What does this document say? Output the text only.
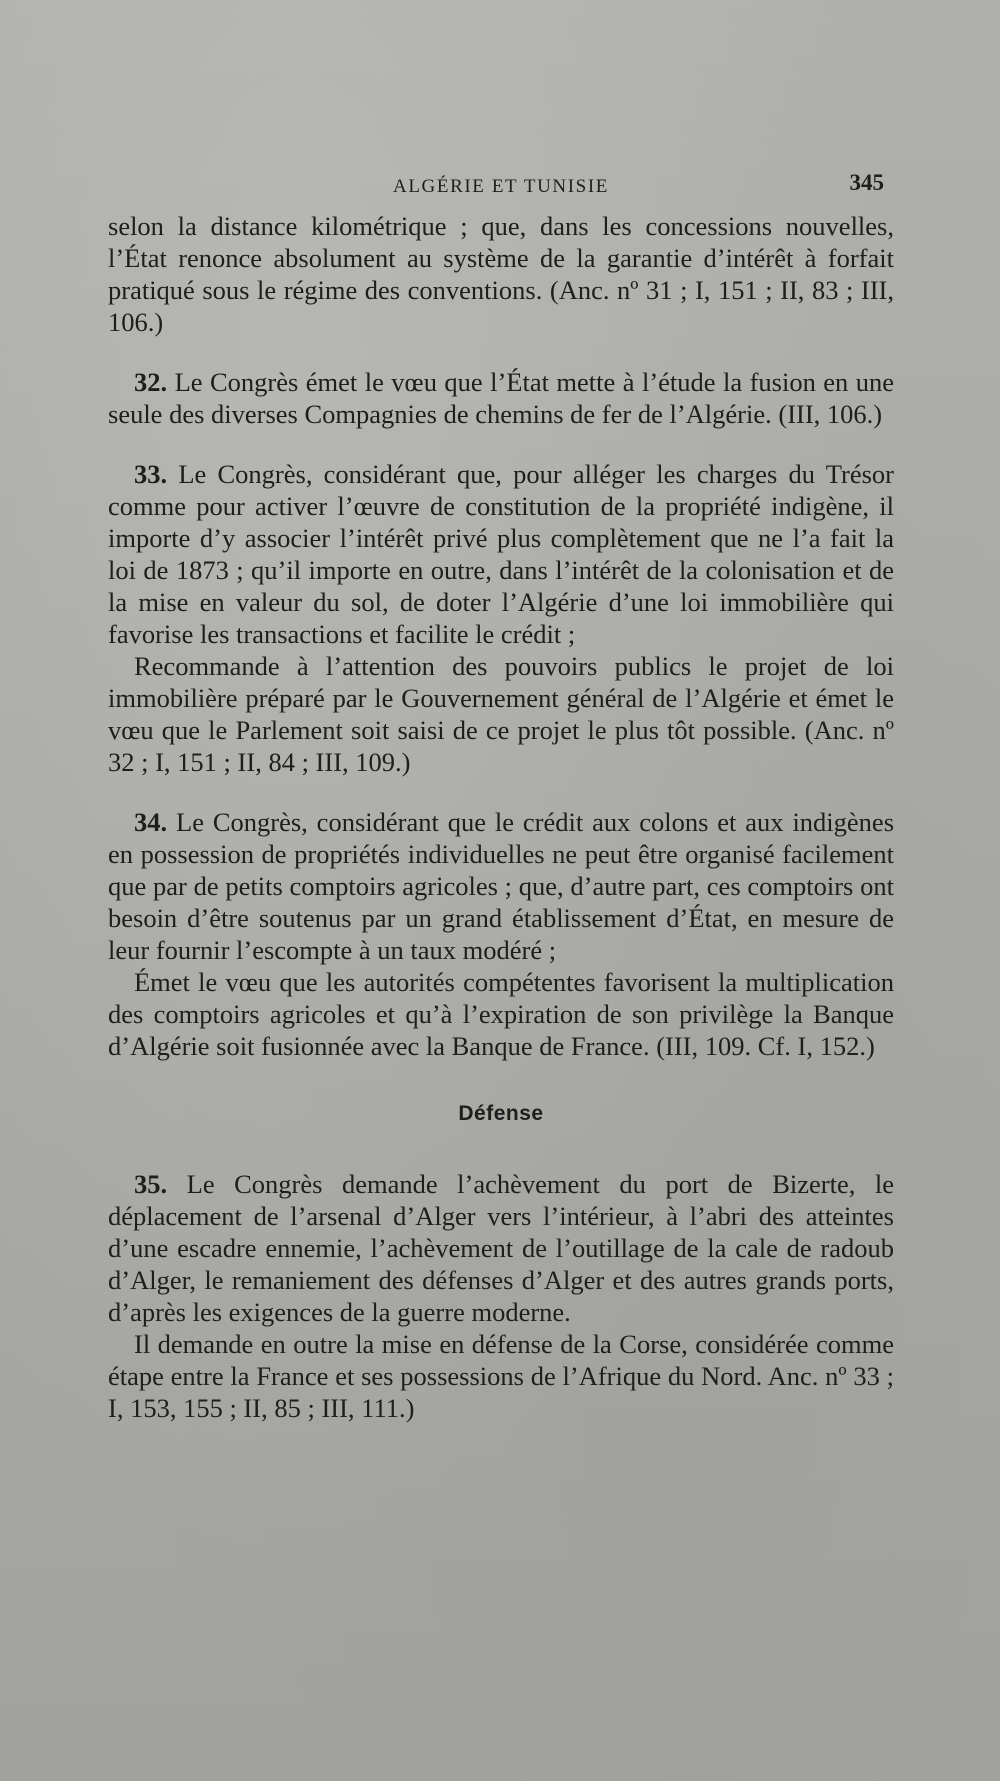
ALGÉRIE ET TUNISIE	345

selon la distance kilométrique ; que, dans les concessions nouvelles, l’État renonce absolument au système de la garantie d’intérêt à forfait pratiqué sous le régime des conventions. (Anc. nº 31 ; I, 151 ; II, 83 ; III, 106.)

32. Le Congrès émet le vœu que l’État mette à l’étude la fusion en une seule des diverses Compagnies de chemins de fer de l’Algérie. (III, 106.)

33. Le Congrès, considérant que, pour alléger les charges du Trésor comme pour activer l’œuvre de constitution de la propriété indigène, il importe d’y associer l’intérêt privé plus complètement que ne l’a fait la loi de 1873 ; qu’il importe en outre, dans l’intérêt de la colonisation et de la mise en valeur du sol, de doter l’Algérie d’une loi immobilière qui favorise les transactions et facilite le crédit ;

Recommande à l’attention des pouvoirs publics le projet de loi immobilière préparé par le Gouvernement général de l’Algérie et émet le vœu que le Parlement soit saisi de ce projet le plus tôt possible. (Anc. nº 32 ; I, 151 ; II, 84 ; III, 109.)

34. Le Congrès, considérant que le crédit aux colons et aux indigènes en possession de propriétés individuelles ne peut être organisé facilement que par de petits comptoirs agricoles ; que, d’autre part, ces comptoirs ont besoin d’être soutenus par un grand établissement d’État, en mesure de leur fournir l’escompte à un taux modéré ;

Émet le vœu que les autorités compétentes favorisent la multiplication des comptoirs agricoles et qu’à l’expiration de son privilège la Banque d’Algérie soit fusionnée avec la Banque de France. (III, 109. Cf. I, 152.)

Défense

35. Le Congrès demande l’achèvement du port de Bizerte, le déplacement de l’arsenal d’Alger vers l’intérieur, à l’abri des atteintes d’une escadre ennemie, l’achèvement de l’outillage de la cale de radoub d’Alger, le remaniement des défenses d’Alger et des autres grands ports, d’après les exigences de la guerre moderne.

Il demande en outre la mise en défense de la Corse, considérée comme étape entre la France et ses possessions de l’Afrique du Nord. Anc. nº 33 ; I, 153, 155 ; II, 85 ; III, 111.)
